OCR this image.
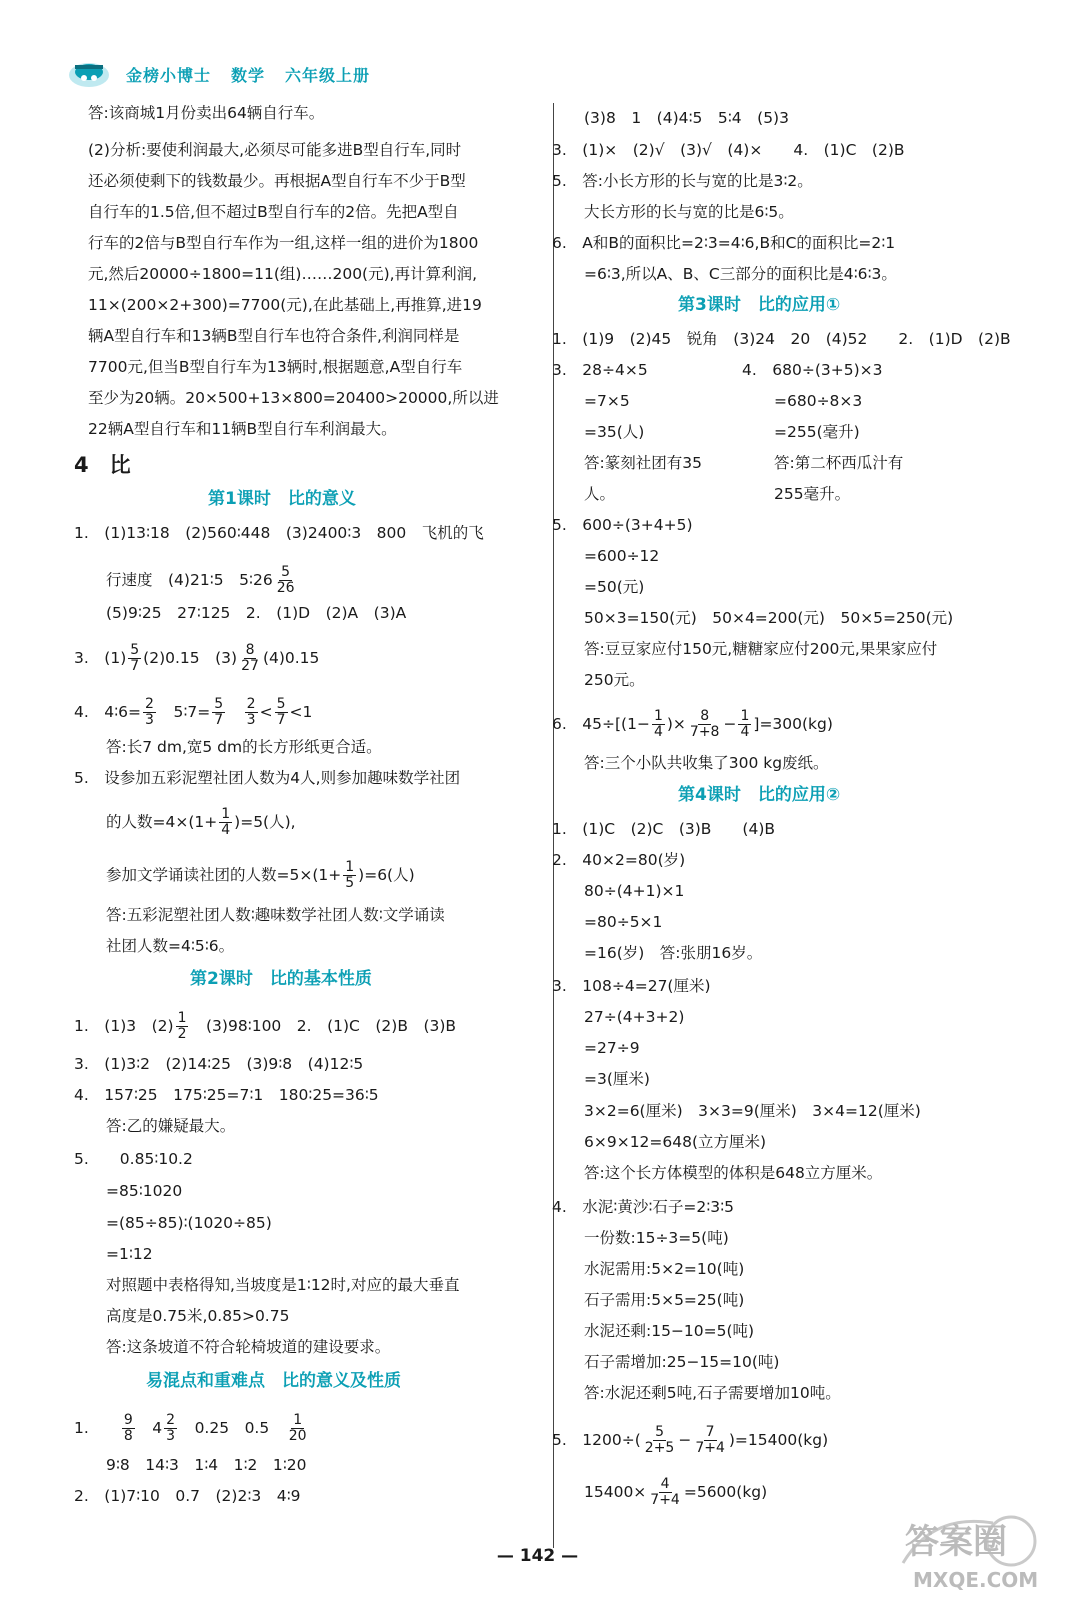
金榜小博士 数学 六年级上册
答:该商城1月份卖出64辆自行车。
(2)分析:要使利润最大,必须尽可能多进B型自行车,同时
还必须使剩下的钱数最少。再根据A型自行车不少于B型
自行车的1.5倍,但不超过B型自行车的2倍。先把A型自
行车的2倍与B型自行车作为一组,这样一组的进价为1800
元,然后20000÷1800=11(组)……200(元),再计算利润,
11×(200×2+300)=7700(元),在此基础上,再推算,进19
辆A型自行车和13辆B型自行车也符合条件,利润同样是
7700元,但当B型自行车为13辆时,根据题意,A型自行车
至少为20辆。20×500+13×800=20400>20000,所以进
22辆A型自行车和11辆B型自行车利润最大。
4　比
第1课时　比的意义
1.　(1)13∶18　(2)560∶448　(3)2400∶3　800　飞机的飞
行速度　(4)21∶5　5∶26 $\frac{5}{26}$
(5)9∶25　27∶125　2.　(1)D　(2)A　(3)A
3.　$(1) \frac{5}{7} (2)0.15$　$(3) \frac{8}{27} (4)0.15$
4.　4∶6= $\frac{2}{3}$
　 5∶7= $\frac{5}{7}$
　 $\frac{2}{3} < \frac{5}{7} <1$
答:长7 dm,宽5 dm的长方形纸更合适。
5.　设参加五彩泥塑社团人数为4人,则参加趣味数学社团
的人数$=4\times(1+ \frac{1}{4} )=5$(人),
参加文学诵读社团的人数$=5\times(1+ \frac{1}{5} )=6$(人)
答:五彩泥塑社团人数∶趣味数学社团人数∶文学诵读
社团人数=4∶5∶6。
第2课时　比的基本性质
1.　(1)3　$(2) \frac{1}{2}$
　 (3)98∶100　2.　(1)C　(2)B　(3)B
3.　(1)3∶2　(2)14∶25　(3)9∶8　(4)12∶5
4.　157∶25　175∶25=7∶1　180∶25=36∶5
答:乙的嫌疑最大。
5.　　0.85∶10.2
=85∶1020
=(85÷85)∶(1020÷85)
=1∶12
对照题中表格得知,当坡度是1∶12时,对应的最大垂直
高度是0.75米,0.85>0.75
答:这条坡道不符合轮椅坡道的建设要求。
易混点和重难点　比的意义及性质
1.　　 $\frac{9}{8}$
　 $4 \frac{2}{3}$
　 0.25　0.5　 $\frac{1}{20}$
9∶8　14∶3　1∶4　1∶2　1∶20
2.　(1)7∶10　0.7　(2)2∶3　4∶9
(3)8　1　(4)4∶5　5∶4　(5)3
3.　(1)×　(2)√　(3)√　(4)×　　4.　(1)C　(2)B
5.　答:小长方形的长与宽的比是3∶2。
大长方形的长与宽的比是6∶5。
6.　A和B的面积比=2∶3=4∶6,B和C的面积比=2∶1
=6∶3,所以A、B、C三部分的面积比是4∶6∶3。
第3课时　比的应用①
1.　(1)9　(2)45　锐角　(3)24　20　(4)52　　2.　(1)D　(2)B
3.　28÷4×5	4.　680÷(3+5)×3
=7×5	=680÷8×3
=35(人)	=255(毫升)
答:篆刻社团有35	答:第二杯西瓜汁有
人。	255毫升。
5.　600÷(3+4+5)
=600÷12
=50(元)
50×3=150(元)　50×4=200(元)　50×5=250(元)
答:豆豆家应付150元,糖糖家应付200元,果果家应付
250元。
6.　$45\div[(1- \frac{1}{4}$ )× $\frac{8}{7+8} - \frac{1}{4} ]=300(kg)$
答:三个小队共收集了300 kg废纸。
第4课时　比的应用②
1.　(1)C　(2)C　(3)B　　(4)B
2.　40×2=80(岁)
80÷(4+1)×1
=80÷5×1
=16(岁)　答:张朋16岁。
3.　108÷4=27(厘米)
27÷(4+3+2)
=27÷9
=3(厘米)
3×2=6(厘米)　3×3=9(厘米)　3×4=12(厘米)
6×9×12=648(立方厘米)
答:这个长方体模型的体积是648立方厘米。
4.　水泥∶黄沙∶石子=2∶3∶5
一份数:15÷3=5(吨)
水泥需用:5×2=10(吨)
石子需用:5×5=25(吨)
水泥还剩:15−10=5(吨)
石子需增加:25−15=10(吨)
答:水泥还剩5吨,石子需要增加10吨。
5.　$1200\div( \frac{5}{2+5} - \frac{7}{7+4} )=15400(kg)$
$15400\times \frac{4}{7+4} =5600(kg)$
— 142 —	答案圈
MXQE.COM
